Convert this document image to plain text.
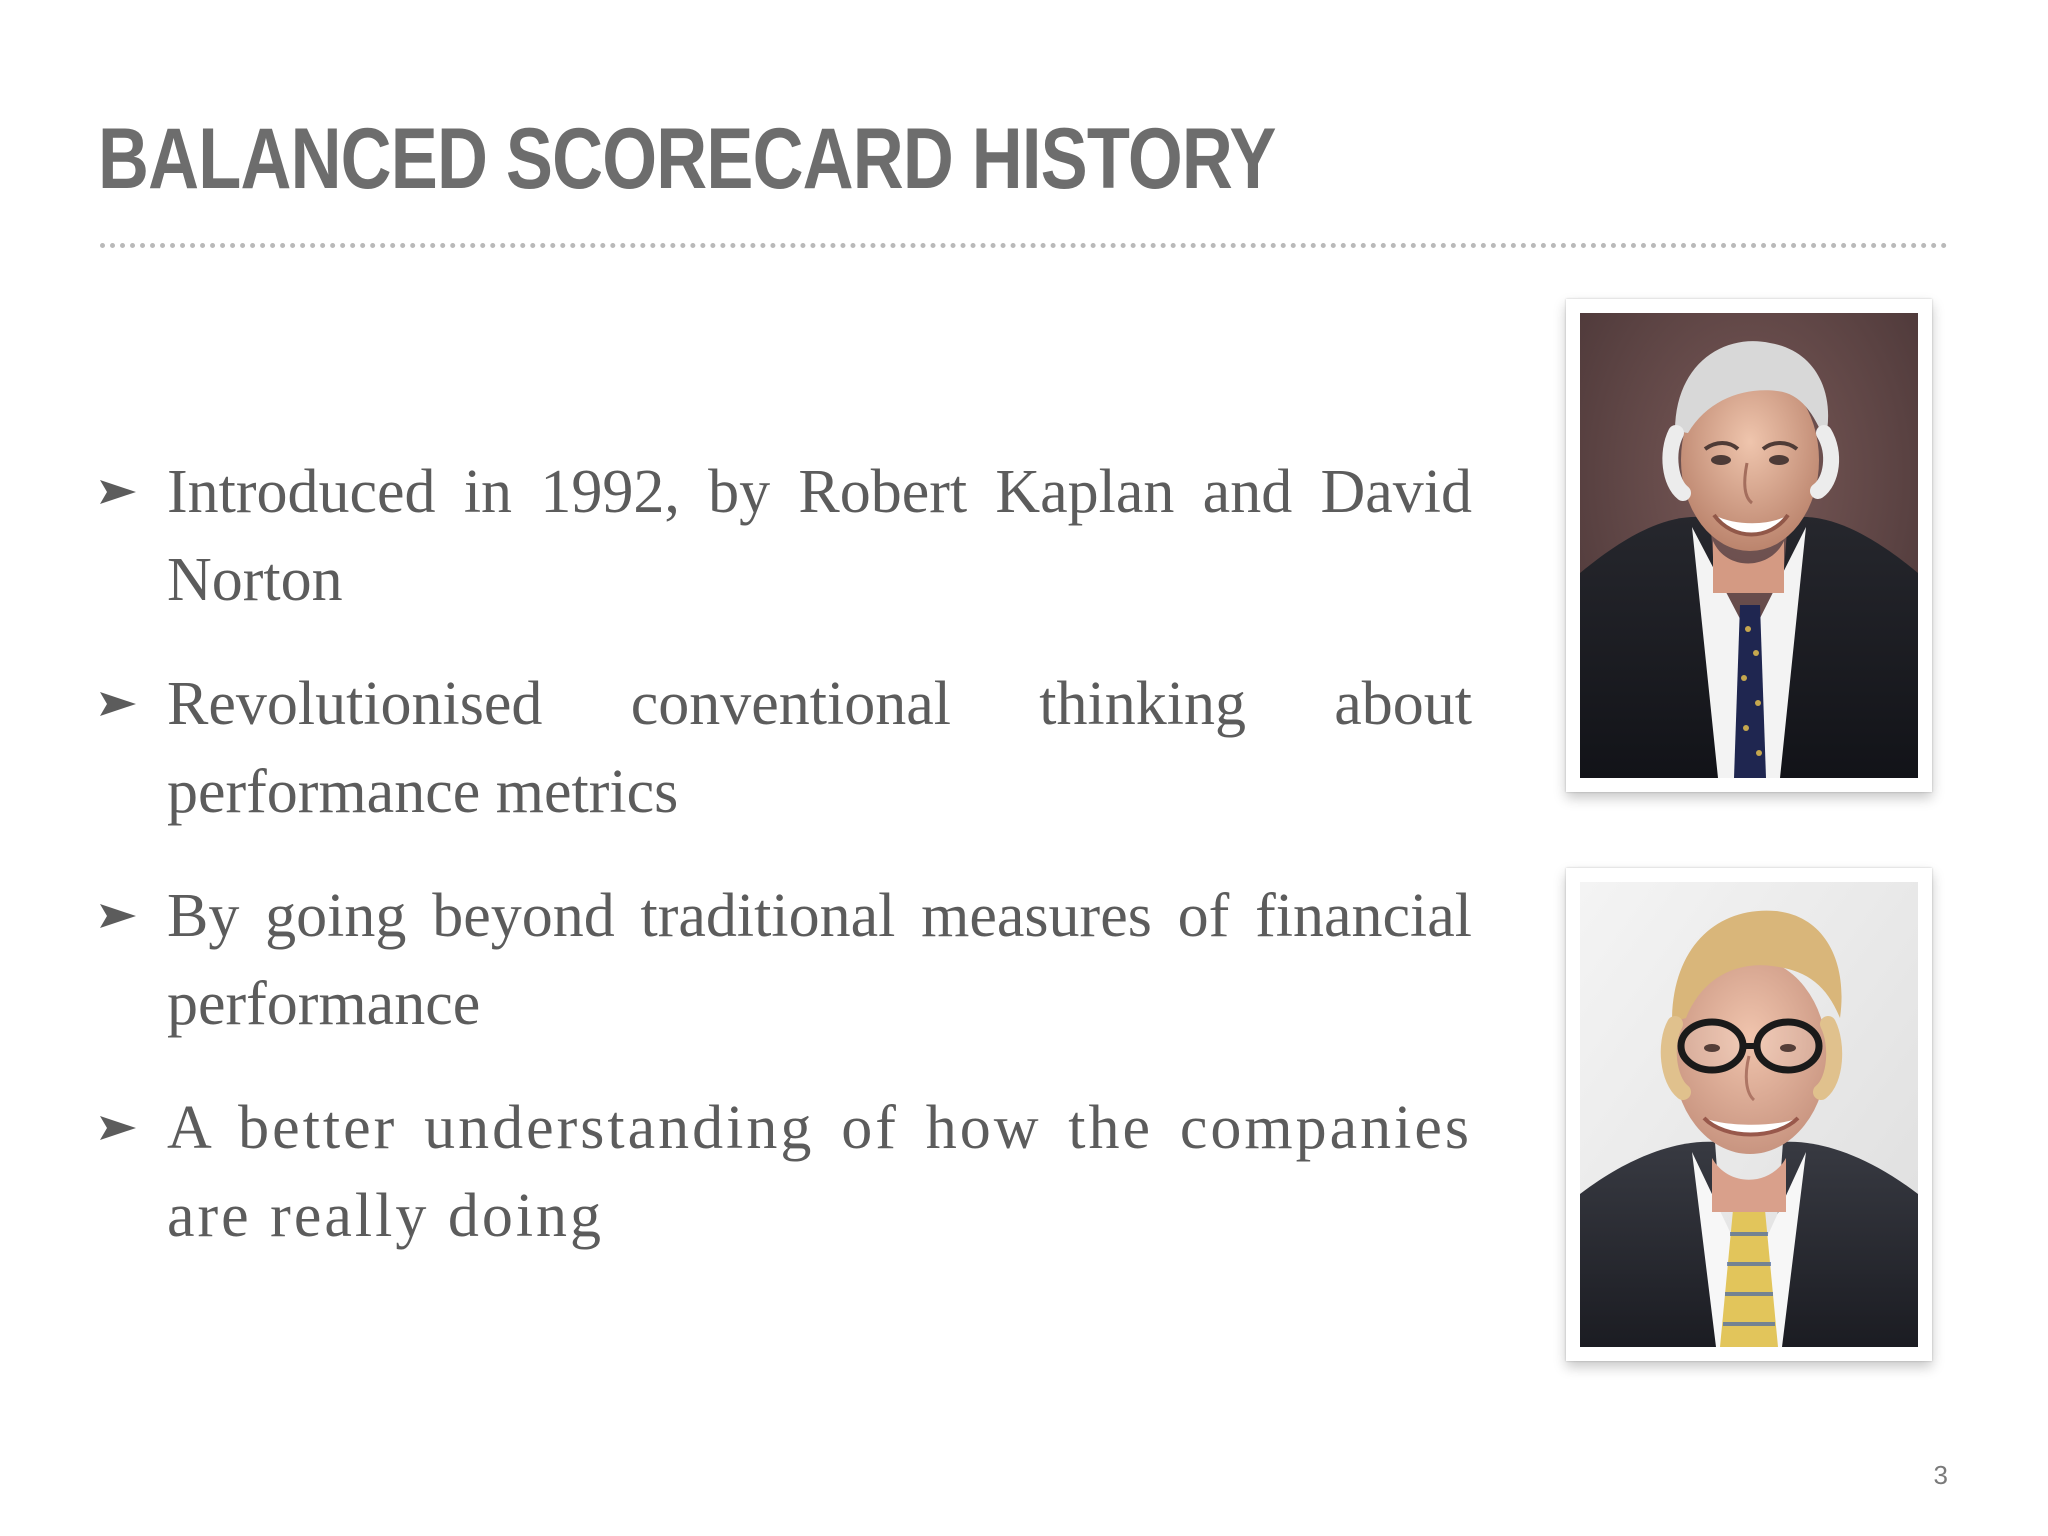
BALANCED SCORECARD HISTORY
Introduced in 1992, by Robert Kaplan and David Norton
Revolutionised conventional thinking about performance metrics
By going beyond traditional measures of financial performance
A better understanding of how the companies are really doing
3
